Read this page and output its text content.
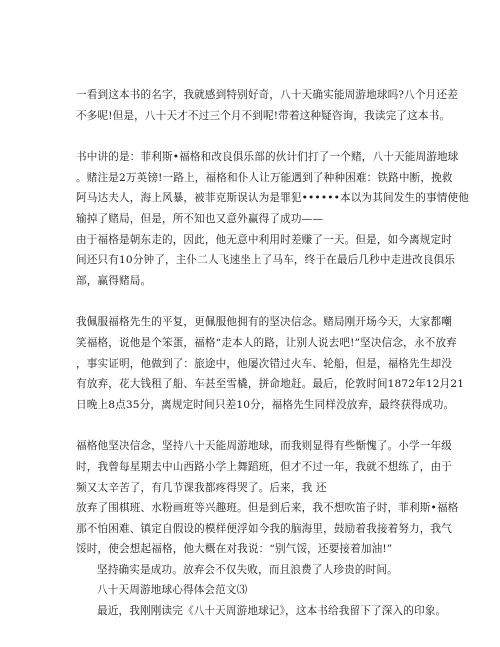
一看到这本书的名字，我就感到特别好奇，八十天确实能周游地球吗?八个月还差
不多呢!但是，八十天才不过三个月不到呢!带着这种疑咨询，我读完了这本书。
书中讲的是：菲利斯•福格和改良俱乐部的伙计们打了一个赌，八十天能周游地球
。赌注是2万英镑!一路上，福格和仆人让万能遇到了种种困难：铁路中断，挽救
阿马达夫人，海上风暴，被菲克斯误认为是罪犯••••••本以为其间发生的事情使他
输掉了赌局，但是，所不知也又意外赢得了成功——
由于福格是朝东走的，因此，他无意中利用时差赚了一天。但是，如今离规定时
间还只有10分钟了，主仆二人飞速坐上了马车，终于在最后几秒中走进改良俱乐
部，赢得赌局。
我佩服福格先生的平复，更佩服他拥有的坚决信念。赌局刚开场今天，大家都嘲
笑福格，说他是个笨蛋，福格“走本人的路，让别人说去吧!”坚决信念，永不放弃
，事实证明，他做到了：旅途中，他屡次错过火车、轮船，但是，福格先生却没
有放弃，花大钱租了船、车甚至雪橇，拼命地赶。最后，伦敦时间1872年12月21
日晚上8点35分，离规定时间只差10分，福格先生同样没放弃，最终获得成功。
福格他坚决信念，坚持八十天能周游地球，而我则显得有些惭愧了。小学一年级
时，我曾每星期去中山西路小学上舞蹈班，但才不过一年，我就不想练了，由于
频又太辛苦了，有几节课我都疼得哭了。后来，我 还
放弃了围棋班、水粉画班等兴趣班。但是到后来，我不想吹笛子时，菲利斯•福格
那不怕困难、镇定自假设的模样便浮如今我的脑海里，鼓励着我接着努力，我气
馁时，使会想起福格，他大概在对我说：“别气馁，还要接着加油!”
坚持确实是成功。放弃会不仅失败，而且浪费了人珍贵的时间。
八十天周游地球心得体会范文⑶
最近，我刚刚读完《八十天周游地球记》，这本书给我留下了深入的印象。
